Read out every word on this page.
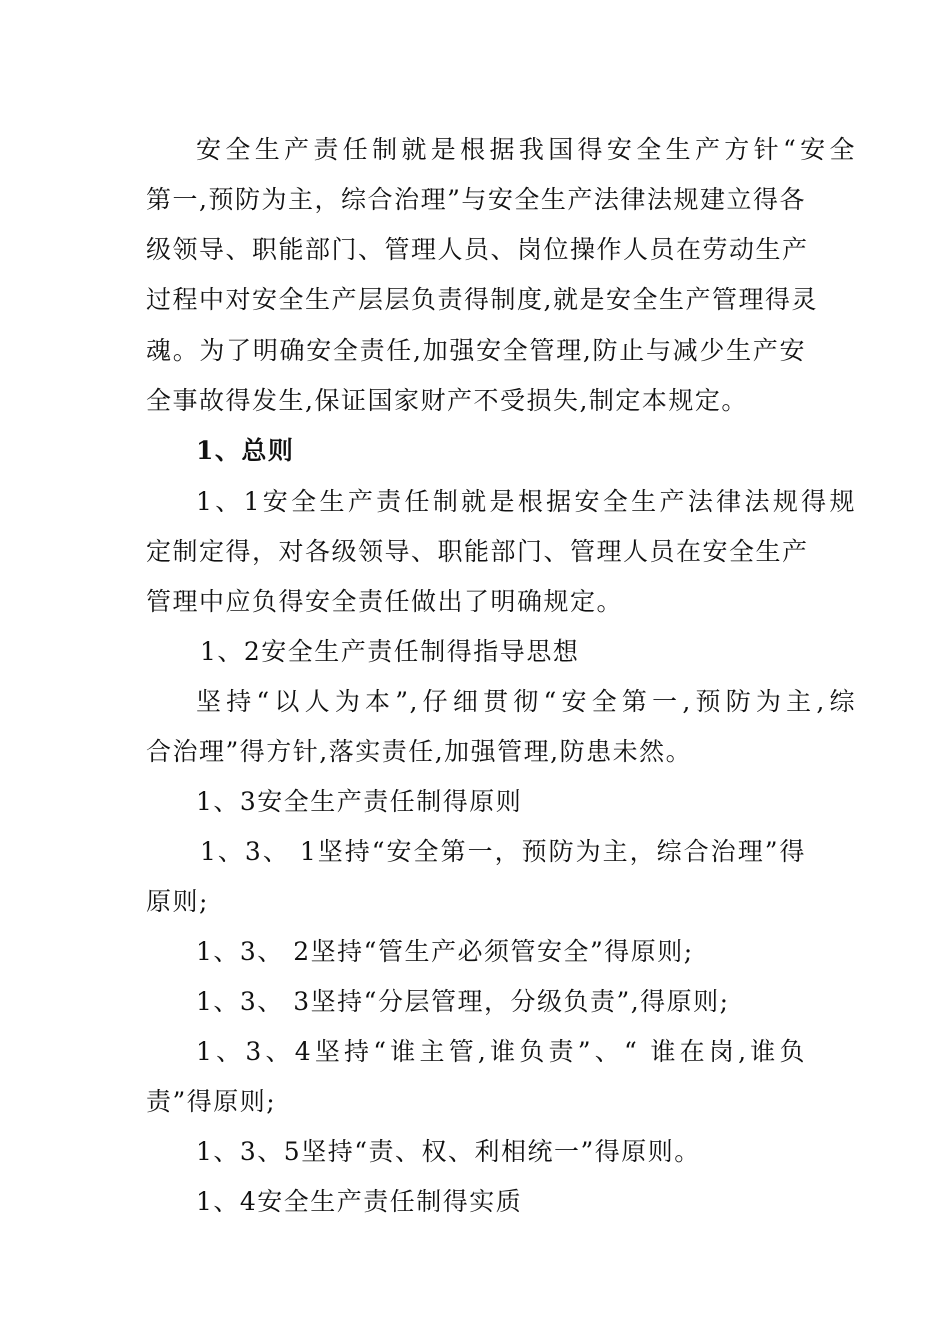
安全生产责任制就是根据我国得安全生产方针“安全
第一,预防为主，综合治理”与安全生产法律法规建立得各
级领导、职能部门、管理人员、岗位操作人员在劳动生产
过程中对安全生产层层负责得制度,就是安全生产管理得灵
魂。为了明确安全责任,加强安全管理,防止与减少生产安
全事故得发生,保证国家财产不受损失,制定本规定。
1、总则
1、1安全生产责任制就是根据安全生产法律法规得规
定制定得，对各级领导、职能部门、管理人员在安全生产
管理中应负得安全责任做出了明确规定。
1、2安全生产责任制得指导思想
坚持“以人为本”,仔细贯彻“安全第一,预防为主,综
合治理”得方针,落实责任,加强管理,防患未然。
1、3安全生产责任制得原则
1、3、 1坚持“安全第一，预防为主，综合治理”得
原则;
1、3、 2坚持“管生产必须管安全”得原则;
1、3、 3坚持“分层管理，分级负责”,得原则;
1、3、4坚持“谁主管,谁负责”、“ 谁在岗,谁负
责”得原则;
1、3、5坚持“责、权、利相统一”得原则。
1、4安全生产责任制得实质
